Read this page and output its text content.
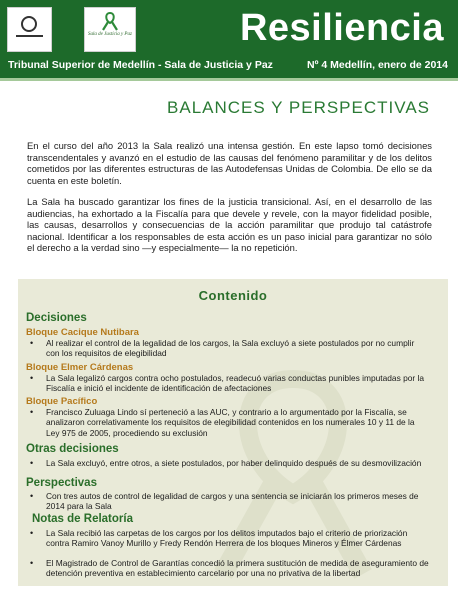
Sala de Justicia y Paz	Resiliencia
Tribunal Superior de Medellín - Sala de Justicia y Paz	Nº 4 Medellín, enero de 2014
BALANCES Y PERSPECTIVAS
En el curso del año 2013 la Sala realizó una intensa gestión. En este lapso tomó decisiones transcendentales y avanzó en el estudio de las causas del fenómeno paramilitar y de los delitos cometidos por las diferentes estructuras de las Autodefensas Unidas de Colombia. De ello se da cuenta en este boletín.
La Sala ha buscado garantizar los fines de la justicia transicional. Así, en el desarrollo de las audiencias, ha exhortado a la Fiscalía para que devele y revele, con la mayor fidelidad posible, las causas, desarrollos y consecuencias de la acción paramilitar que produjo tal catástrofe nacional. Identificar a los responsables de esta acción es un paso inicial para garantizar no sólo el derecho a la verdad sino —y especialmente— la no repetición.
Contenido
Decisiones
Bloque Cacique Nutibara
• Al realizar el control de la legalidad de los cargos, la Sala excluyó a siete postulados por no cumplir con los requisitos de elegibilidad
Bloque Elmer Cárdenas
• La Sala legalizó cargos contra ocho postulados, readecuó varias conductas punibles imputadas por la Fiscalía e inició el incidente de identificación de afectaciones
Bloque Pacífico
• Francisco Zuluaga Lindo sí perteneció a las AUC, y contrario a lo argumentado por la Fiscalía, se analizaron correlativamente los requisitos de elegibilidad contenidos en los numerales 10 y 11 de la Ley 975 de 2005, procediendo su exclusión
Otras decisiones
• La Sala excluyó, entre otros, a siete postulados, por haber delinquido después de su desmovilización
Perspectivas
• Con tres autos de control de legalidad de cargos y una sentencia se iniciarán los primeros meses de 2014 para la Sala
Notas de Relatoría
• La Sala recibió las carpetas de los cargos por los delitos imputados bajo el criterio de priorización contra Ramiro Vanoy Murillo y Fredy Rendón Herrera de los bloques Mineros y Élmer Cárdenas
• El Magistrado de Control de Garantías concedió la primera sustitución de medida de aseguramiento de detención preventiva en establecimiento carcelario por una no privativa de la libertad
